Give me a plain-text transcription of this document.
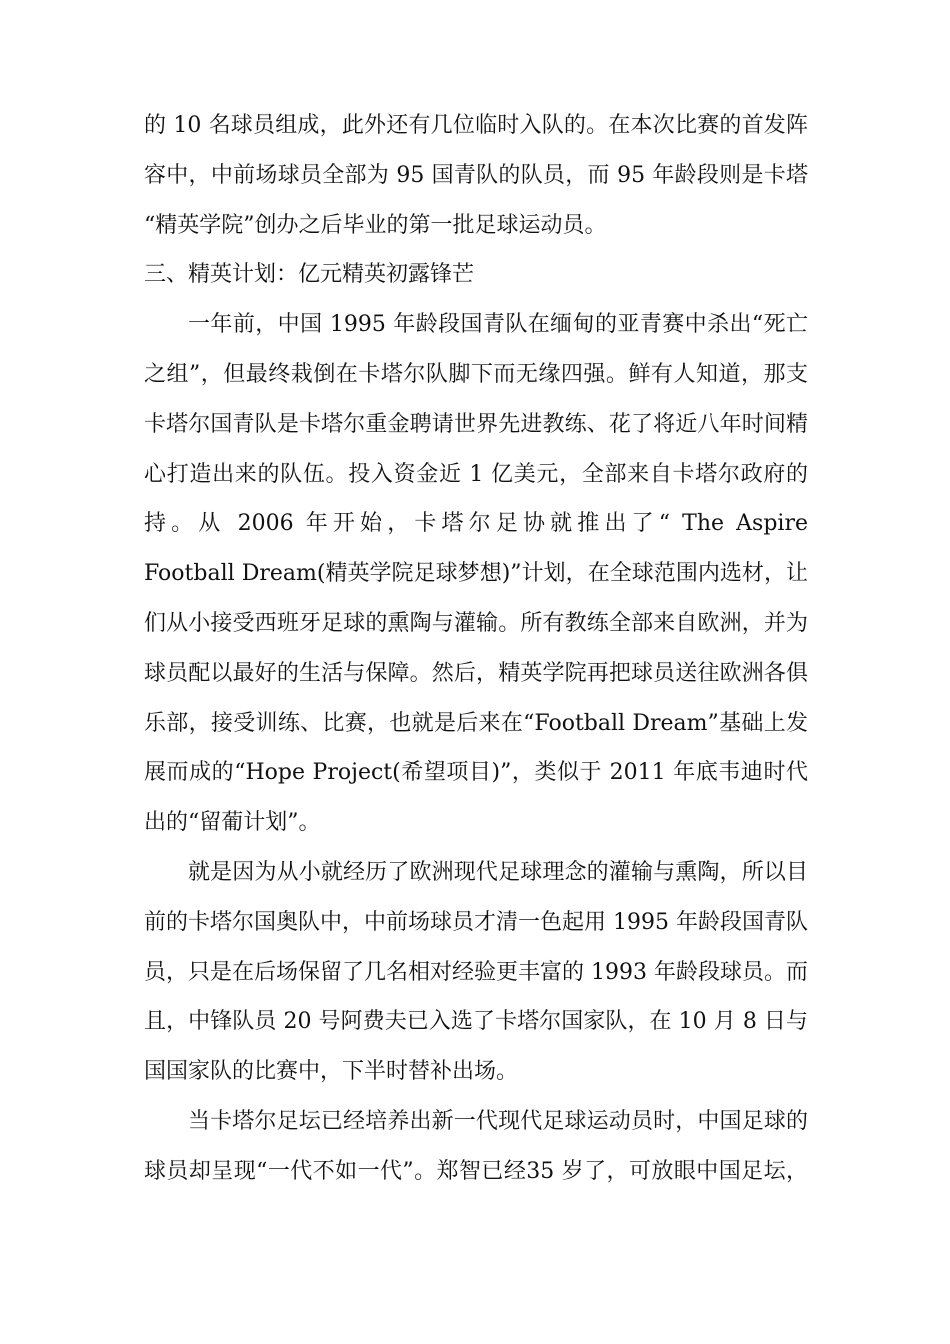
的 10 名球员组成，此外还有几位临时入队的。在本次比赛的首发阵
容中，中前场球员全部为 95 国青队的队员，而 95 年龄段则是卡塔
“精英学院”创办之后毕业的第一批足球运动员。
三、精英计划：亿元精英初露锋芒
一年前，中国 1995 年龄段国青队在缅甸的亚青赛中杀出“死亡
之组”，但最终栽倒在卡塔尔队脚下而无缘四强。鲜有人知道，那支
卡塔尔国青队是卡塔尔重金聘请世界先进教练、花了将近八年时间精
心打造出来的队伍。投入资金近 1 亿美元，全部来自卡塔尔政府的
持。从 2006 年开始，卡塔尔足协就推出了“ The Aspire
Football Dream(精英学院足球梦想)”计划，在全球范围内选材，让
们从小接受西班牙足球的熏陶与灌输。所有教练全部来自欧洲，并为
球员配以最好的生活与保障。然后，精英学院再把球员送往欧洲各俱
乐部，接受训练、比赛，也就是后来在“Football Dream”基础上发
展而成的“Hope Project(希望项目)”，类似于 2011 年底韦迪时代
出的“留葡计划”。
就是因为从小就经历了欧洲现代足球理念的灌输与熏陶，所以目
前的卡塔尔国奥队中，中前场球员才清一色起用 1995 年龄段国青队
员，只是在后场保留了几名相对经验更丰富的 1993 年龄段球员。而
且，中锋队员 20 号阿费夫已入选了卡塔尔国家队，在 10 月 8 日与
国国家队的比赛中，下半时替补出场。
当卡塔尔足坛已经培养出新一代现代足球运动员时，中国足球的
球员却呈现“一代不如一代”。郑智已经35 岁了，可放眼中国足坛，
